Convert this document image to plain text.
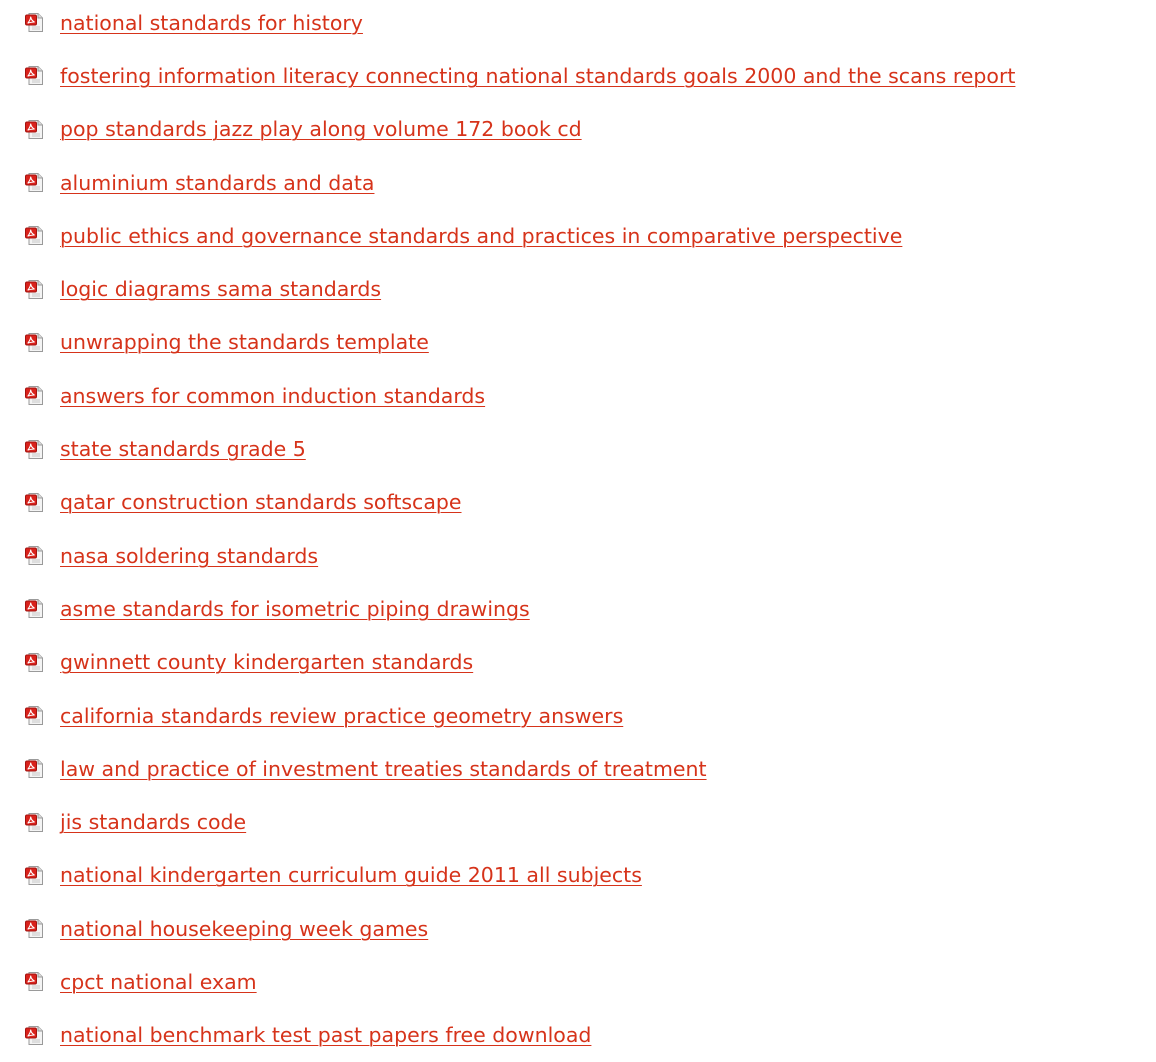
national standards for history
fostering information literacy connecting national standards goals 2000 and the scans report
pop standards jazz play along volume 172 book cd
aluminium standards and data
public ethics and governance standards and practices in comparative perspective
logic diagrams sama standards
unwrapping the standards template
answers for common induction standards
state standards grade 5
qatar construction standards softscape
nasa soldering standards
asme standards for isometric piping drawings
gwinnett county kindergarten standards
california standards review practice geometry answers
law and practice of investment treaties standards of treatment
jis standards code
national kindergarten curriculum guide 2011 all subjects
national housekeeping week games
cpct national exam
national benchmark test past papers free download
